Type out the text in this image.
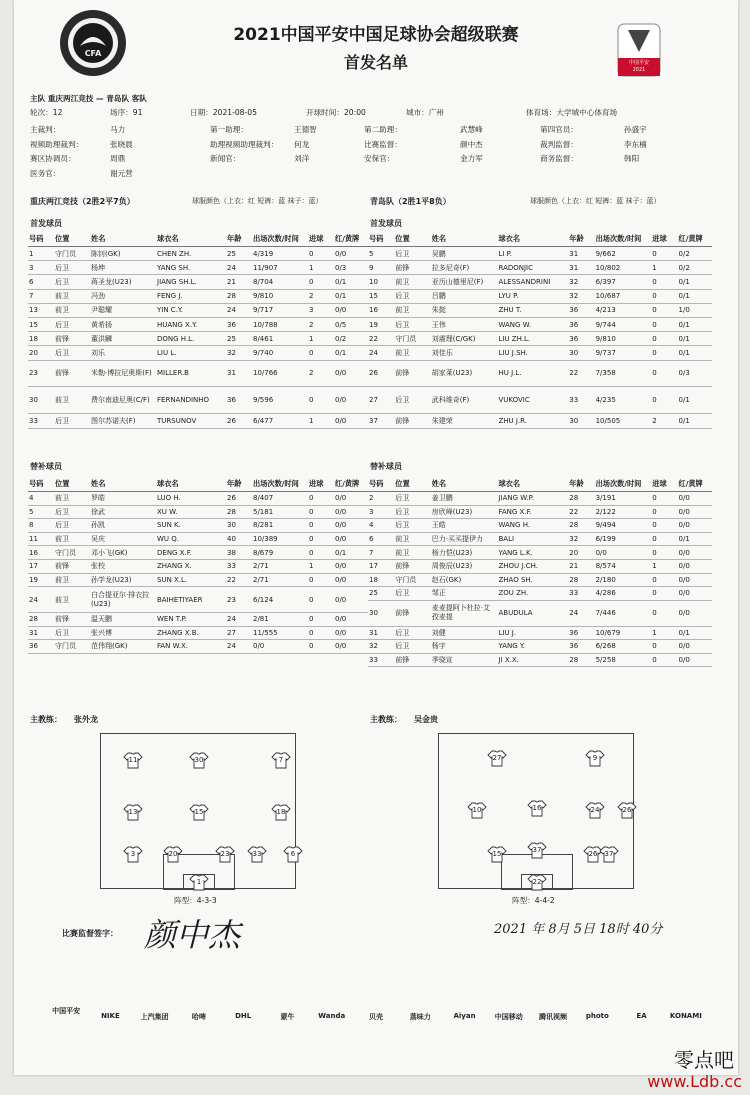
CFA
中国平安
2021
2021中国平安中国足球协会超级联赛
首发名单
主队 重庆两江竞技 — 青岛队 客队
轮次：12	场序：91	日期：2021-08-05	开球时间：20:00	城市：广州	体育场：大学城中心体育场
主裁判：	马力	第一助理：	王德智	第二助理：	武慧峰	第四官员：	孙盛宇
视频助理裁判：	张晓晨	助理视频助理裁判： 何龙	比赛监督：	颜中杰	裁判监督：	李东楠
赛区协调员：	周鼎	新闻官：	刘洋	安保官：	金力军	商务监督：	韩阳
医务官：	谢元营
重庆两江竞技（2胜2平7负）	球服颜色（上衣：红 短裤：蓝 袜子：蓝）	青岛队（2胜1平8负）	球服颜色（上衣：红 短裤：蓝 袜子：蓝）
首发球员	首发球员
号码	位置	姓名	球衣名	年龄	出场次数/时间	进球	红/黄牌
1	守门员	陈钊(GK)	CHEN ZH.	25	4/319	0	0/0
3	后卫	杨坤	YANG SH.	24	11/907	1	0/3
6	后卫	蒋圣龙(U23)	JIANG SH.L.	21	8/704	0	0/1
7	前卫	冯劲	FENG J.	28	9/810	2	0/1
13	前卫	尹聪耀	YIN C.Y.	24	9/717	3	0/0
15	后卫	黄希扬	HUANG X.Y.	36	10/788	2	0/5
18	前锋	董洪麟	DONG H.L.	25	8/461	1	0/2
20	后卫	刘乐	LIU L.	32	9/740	0	0/1
23	前锋	米勒·博拉尼奥斯(F)	MILLER.B	31	10/766	2	0/0
30	前卫	费尔南迪尼奥(C/F)	FERNANDINHO	36	9/596	0	0/0
33	后卫	图尔苏诺夫(F)	TURSUNOV	26	6/477	1	0/0
号码	位置	姓名	球衣名	年龄	出场次数/时间	进球	红/黄牌
5	后卫	吴鹏	LI P.	31	9/662	0	0/2
9	前锋	拉多尼奇(F)	RADONJIC	31	10/802	1	0/2
10	前卫	亚历山德里尼(F)	ALESSANDRINI	32	6/397	0	0/1
15	后卫	吕鹏	LYU P.	32	10/687	0	0/1
16	前卫	朱挺	ZHU T.	36	4/213	0	1/0
19	后卫	王伟	WANG W.	36	9/744	0	0/1
22	守门员	刘震理(C/GK)	LIU ZH.L.	36	9/810	0	0/1
24	前卫	刘佳乐	LIU J.SH.	30	9/737	0	0/1
26	前锋	胡家莱(U23)	HU J.L.	22	7/358	0	0/3
27	后卫	武科维奇(F)	VUKOVIC	33	4/235	0	0/1
37	前锋	朱建荣	ZHU J.R.	30	10/505	2	0/1
替补球员	替补球员
号码	位置	姓名	球衣名	年龄	出场次数/时间	进球	红/黄牌
4	前卫	罗皓	LUO H.	26	8/407	0	0/0
5	后卫	徐武	XU W.	28	5/181	0	0/0
8	后卫	孙凯	SUN K.	30	8/281	0	0/0
11	前卫	吴庆	WU Q.	40	10/389	0	0/0
16	守门员	邓小飞(GK)	DENG X.F.	38	8/679	0	0/1
17	前锋	张校	ZHANG X.	33	2/71	1	0/0
19	前卫	孙学龙(U23)	SUN X.L.	22	2/71	0	0/0
24	前卫	白合提亚尔·排衣拉(U23)	BAIHETIYAER	23	6/124	0	0/0
28	前锋	温天鹏	WEN T.P.	24	2/81	0	0/0
31	后卫	张兴博	ZHANG X.B.	27	11/555	0	0/0
36	守门员	范伟翔(GK)	FAN W.X.	24	0/0	0	0/0
号码	位置	姓名	球衣名	年龄	出场次数/时间	进球	红/黄牌
2	后卫	姜卫鹏	JIANG W.P.	28	3/191	0	0/0
3	后卫	房欣峰(U23)	FANG X.F.	22	2/122	0	0/0
4	后卫	王皓	WANG H.	28	9/494	0	0/0
6	前卫	巴力·买买提伊力	BALI	32	6/199	0	0/1
7	前卫	杨力恺(U23)	YANG L.K.	20	0/0	0	0/0
17	前锋	周俊辰(U23)	ZHOU J.CH.	21	8/574	1	0/0
18	守门员	赵石(GK)	ZHAO SH.	28	2/180	0	0/0
25	后卫	邹正	ZOU ZH.	33	4/286	0	0/0
30	前锋	麦麦提阿卜杜拉·艾孜麦提	ABUDULA	24	7/446	0	0/0
31	后卫	刘健	LIU J.	36	10/679	1	0/1
32	后卫	杨宇	YANG Y.	36	6/268	0	0/0
33	前锋	季骁宣	JI X.X.	28	5/258	0	0/0
主教练： 张外龙	主教练： 吴金贵
11	30	7
13	15	18
3	20	23	33	6
1
阵型：4-3-3
27	9
10	16	24	26
37	26	37
15
22
阵型：4-4-2
比赛监督签字： 颜中杰	2021 年 8月 5日 18时 40分
中国平安
NIKE	上汽集团	哈啤	DHL	蒙牛	Wanda	贝壳	蒸味力	Aiyan	中国移动	腾讯视频	photo	EA	KONAMI
零点吧
www.Ldb.cc
